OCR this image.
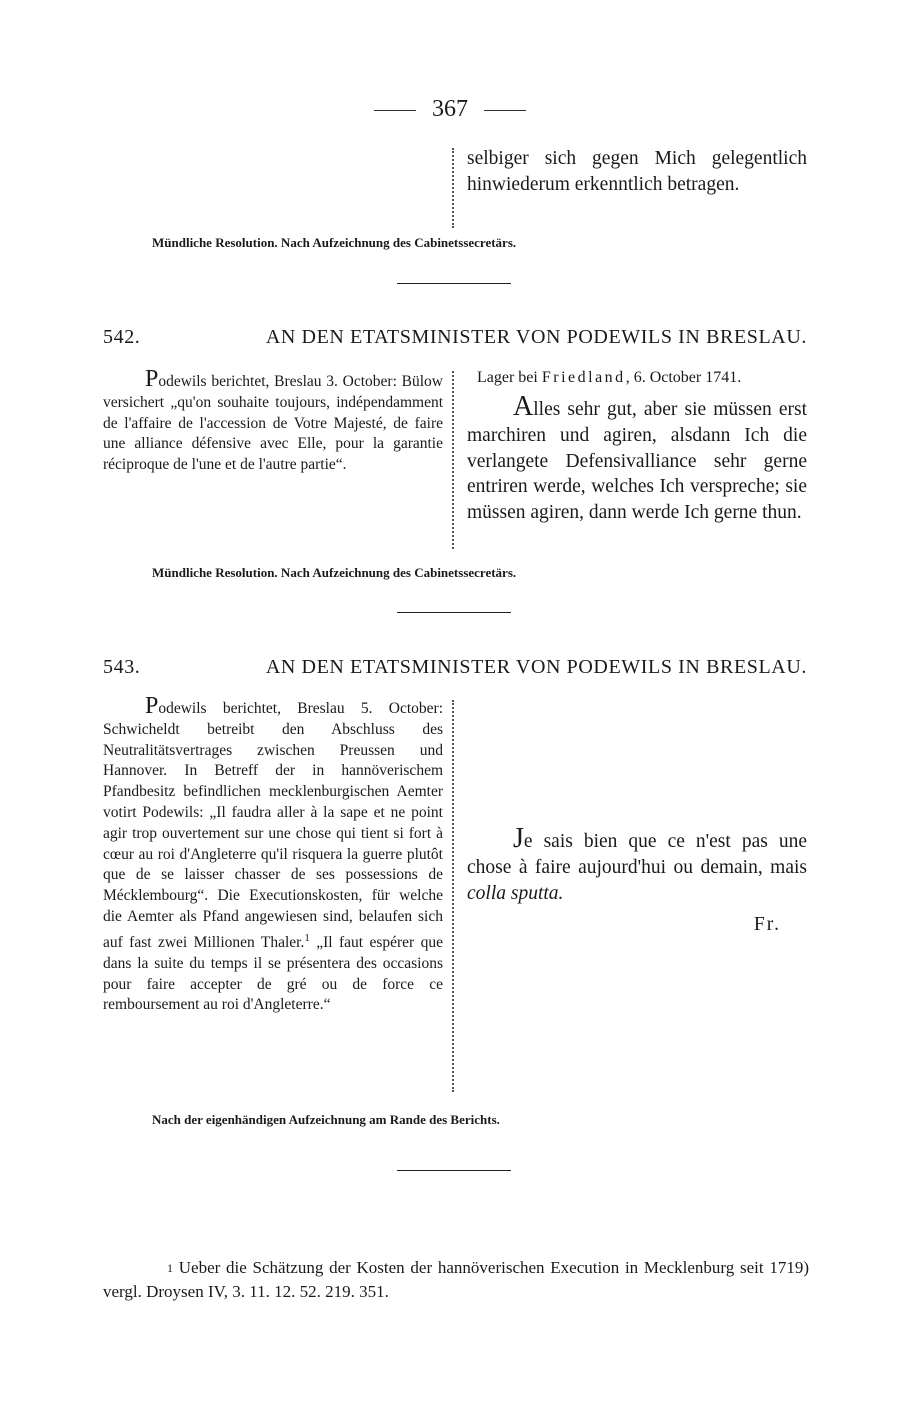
367
selbiger sich gegen Mich gelegentlich hinwiederum erkenntlich betragen.
Mündliche Resolution. Nach Aufzeichnung des Cabinetssecretärs.
542.	AN DEN ETATSMINISTER VON PODEWILS IN BRESLAU.
Podewils berichtet, Breslau 3. October: Bülow versichert „qu'on souhaite toujours, indépendamment de l'affaire de l'accession de Votre Majesté, de faire une alliance défensive avec Elle, pour la garantie réciproque de l'une et de l'autre partie“.
Lager bei Friedland, 6. October 1741.
Alles sehr gut, aber sie müssen erst marchiren und agiren, alsdann Ich die verlangete Defensivalliance sehr gerne entriren werde, welches Ich verspreche; sie müssen agiren, dann werde Ich gerne thun.
Mündliche Resolution. Nach Aufzeichnung des Cabinetssecretärs.
543.	AN DEN ETATSMINISTER VON PODEWILS IN BRESLAU.
Podewils berichtet, Breslau 5. October: Schwicheldt betreibt den Abschluss des Neutralitätsvertrages zwischen Preussen und Hannover. In Betreff der in hannöverischem Pfandbesitz befindlichen mecklenburgischen Aemter votirt Podewils: „Il faudra aller à la sape et ne point agir trop ouvertement sur une chose qui tient si fort à cœur au roi d'Angleterre qu'il risquera la guerre plutôt que de se laisser chasser de ses possessions de Mécklembourg“. Die Executionskosten, für welche die Aemter als Pfand angewiesen sind, belaufen sich auf fast zwei Millionen Thaler.$^1$ „Il faut espérer que dans la suite du temps il se présentera des occasions pour faire accepter de gré ou de force ce remboursement au roi d'Angleterre.“
Je sais bien que ce n'est pas une chose à faire aujourd'hui ou demain, mais colla sputta.
Fr.
Nach der eigenhändigen Aufzeichnung am Rande des Berichts.
1 Ueber die Schätzung der Kosten der hannöverischen Execution in Mecklenburg seit 1719) vergl. Droysen IV, 3. 11. 12. 52. 219. 351.
